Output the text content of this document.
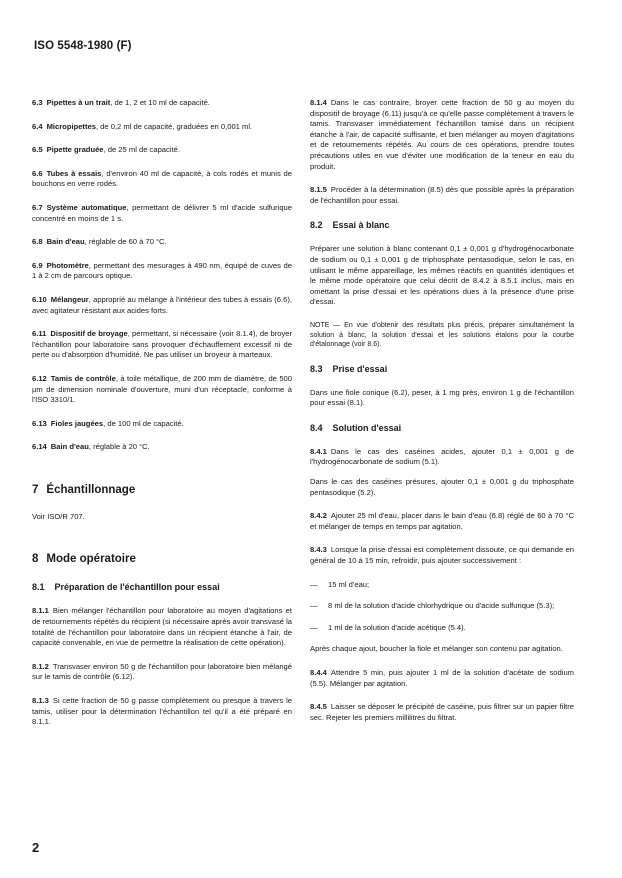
ISO 5548-1980 (F)

6.3 Pipettes à un trait, de 1, 2 et 10 ml de capacité.

6.4 Micropipettes, de 0,2 ml de capacité, graduées en 0,001 ml.

6.5 Pipette graduée, de 25 ml de capacité.

6.6 Tubes à essais, d'environ 40 ml de capacité, à cols rodés et munis de bouchons en verre rodés.

6.7 Système automatique, permettant de délivrer 5 ml d'acide sulfurique concentré en moins de 1 s.

6.8 Bain d'eau, réglable de 60 à 70 °C.

6.9 Photomètre, permettant des mesurages à 490 nm, équipé de cuves de 1 à 2 cm de parcours optique.

6.10 Mélangeur, approprié au mélange à l'intérieur des tubes à essais (6.6), avec agitateur résistant aux acides forts.

6.11 Dispositif de broyage, permettant, si nécessaire (voir 8.1.4), de broyer l'échantillon pour laboratoire sans provoquer d'échauffement excessif ni de perte ou d'absorption d'humidité. Ne pas utiliser un broyeur à marteaux.

6.12 Tamis de contrôle, à toile métallique, de 200 mm de diamètre, de 500 µm de dimension nominale d'ouverture, muni d'un réceptacle, conforme à l'ISO 3310/1.

6.13 Fioles jaugées, de 100 ml de capacité.

6.14 Bain d'eau, réglable à 20 °C.

7 Échantillonnage

Voir ISO/R 707.

8 Mode opératoire
8.1 Préparation de l'échantillon pour essai

8.1.1 Bien mélanger l'échantillon pour laboratoire au moyen d'agitations et de retournements répétés du récipient (si nécessaire après avoir transvasé la totalité de l'échantillon pour laboratoire dans un récipient étanche à l'air, de capacité convenable, en vue de permettre la réalisation de cette opération).

8.1.2 Transvaser environ 50 g de l'échantillon pour laboratoire bien mélangé sur le tamis de contrôle (6.12).

8.1.3 Si cette fraction de 50 g passe complètement ou presque à travers le tamis, utiliser pour la détermination l'échantillon tel qu'il a été préparé en 8.1.1.

8.1.4 Dans le cas contraire, broyer cette fraction de 50 g au moyen du dispositif de broyage (6.11) jusqu'à ce qu'elle passe complètement à travers le tamis. Transvaser immédiatement l'échantillon tamisé dans un récipient étanche à l'air, de capacité suffisante, et bien mélanger au moyen d'agitations et de retournements répétés. Au cours de ces opérations, prendre toutes précautions utiles en vue d'éviter une modification de la teneur en eau du produit.

8.1.5 Procéder à la détermination (8.5) dès que possible après la préparation de l'échantillon pour essai.

8.2 Essai à blanc

Préparer une solution à blanc contenant 0,1 ± 0,001 g d'hydrogénocarbonate de sodium ou 0,1 ± 0,001 g de triphosphate pentasodique, selon le cas, en utilisant le même appareillage, les mêmes réactifs en quantités identiques et le même mode opératoire que celui décrit de 8.4.2 à 8.5.1 inclus, mais en omettant la prise d'essai et les opérations dues à la présence d'une prise d'essai.

NOTE — En vue d'obtenir des résultats plus précis, préparer simultanément la solution à blanc, la solution d'essai et les solutions étalons pour la courbe d'étalonnage (voir 8.6).

8.3 Prise d'essai

Dans une fiole conique (6.2), peser, à 1 mg près, environ 1 g de l'échantillon pour essai (8.1).

8.4 Solution d'essai

8.4.1 Dans le cas des caséines acides, ajouter 0,1 ± 0,001 g de l'hydrogénocarbonate de sodium (5.1).

Dans le cas des caséines présures, ajouter 0,1 ± 0,001 g du triphosphate pentasodique (5.2).

8.4.2 Ajouter 25 ml d'eau, placer dans le bain d'eau (6.8) réglé de 60 à 70 °C et mélanger de temps en temps par agitation.

8.4.3 Lorsque la prise d'essai est complètement dissoute, ce qui demande en général de 10 à 15 min, refroidir, puis ajouter successivement :

— 15 ml d'eau;
— 8 ml de la solution d'acide chlorhydrique ou d'acide sulfurique (5.3);
— 1 ml de la solution d'acide acétique (5.4).

Après chaque ajout, boucher la fiole et mélanger son contenu par agitation.

8.4.4 Attendre 5 min, puis ajouter 1 ml de la solution d'acétate de sodium (5.5). Mélanger par agitation.

8.4.5 Laisser se déposer le précipité de caséine, puis filtrer sur un papier filtre sec. Rejeter les premiers millilitres du filtrat.

2
